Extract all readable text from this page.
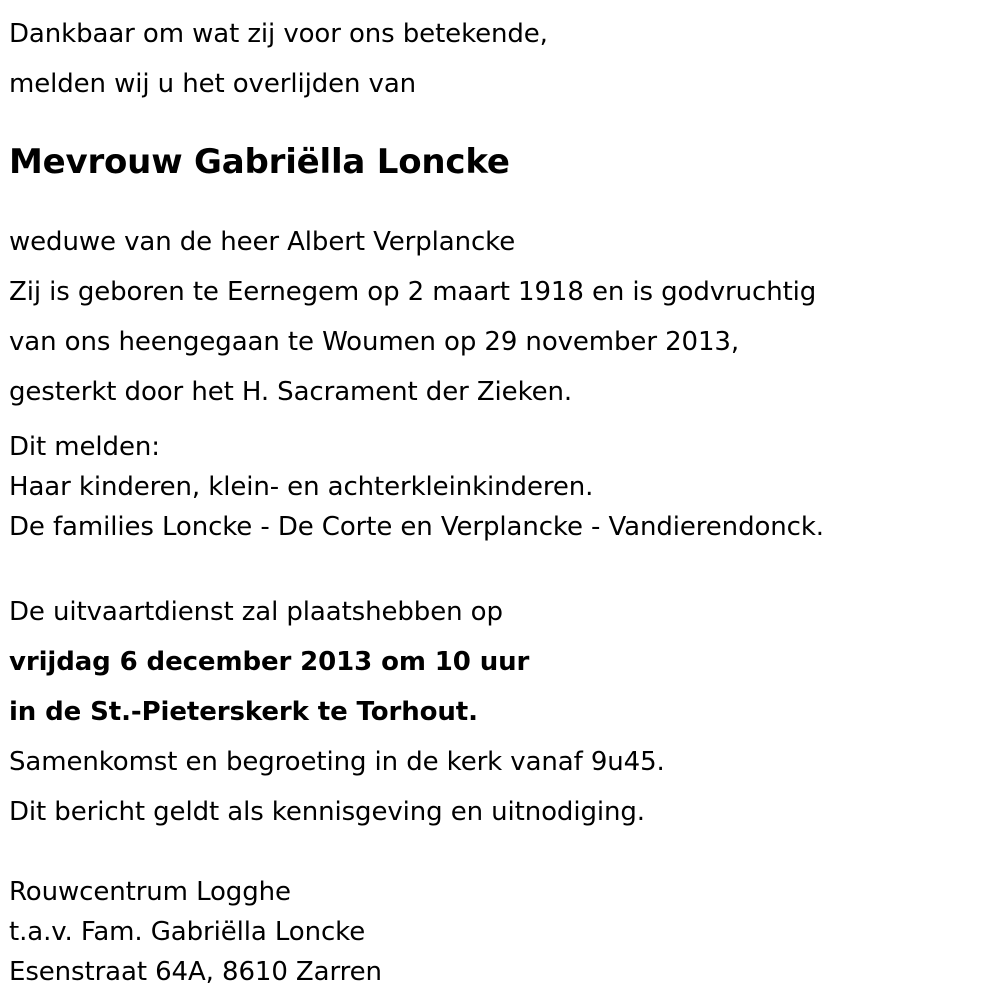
Dankbaar om wat zij voor ons betekende,
melden wij u het overlijden van
Mevrouw Gabriëlla Loncke
weduwe van de heer Albert Verplancke
Zij is geboren te Eernegem op 2 maart 1918 en is godvruchtig
van ons heengegaan te Woumen op 29 november 2013,
gesterkt door het H. Sacrament der Zieken.
Dit melden:
Haar kinderen, klein- en achterkleinkinderen.
De families Loncke - De Corte en Verplancke - Vandierendonck.
De uitvaartdienst zal plaatshebben op
vrijdag 6 december 2013 om 10 uur
in de St.-Pieterskerk te Torhout.
Samenkomst en begroeting in de kerk vanaf 9u45.
Dit bericht geldt als kennisgeving en uitnodiging.
Rouwcentrum Logghe
t.a.v. Fam. Gabriëlla Loncke
Esenstraat 64A, 8610 Zarren
